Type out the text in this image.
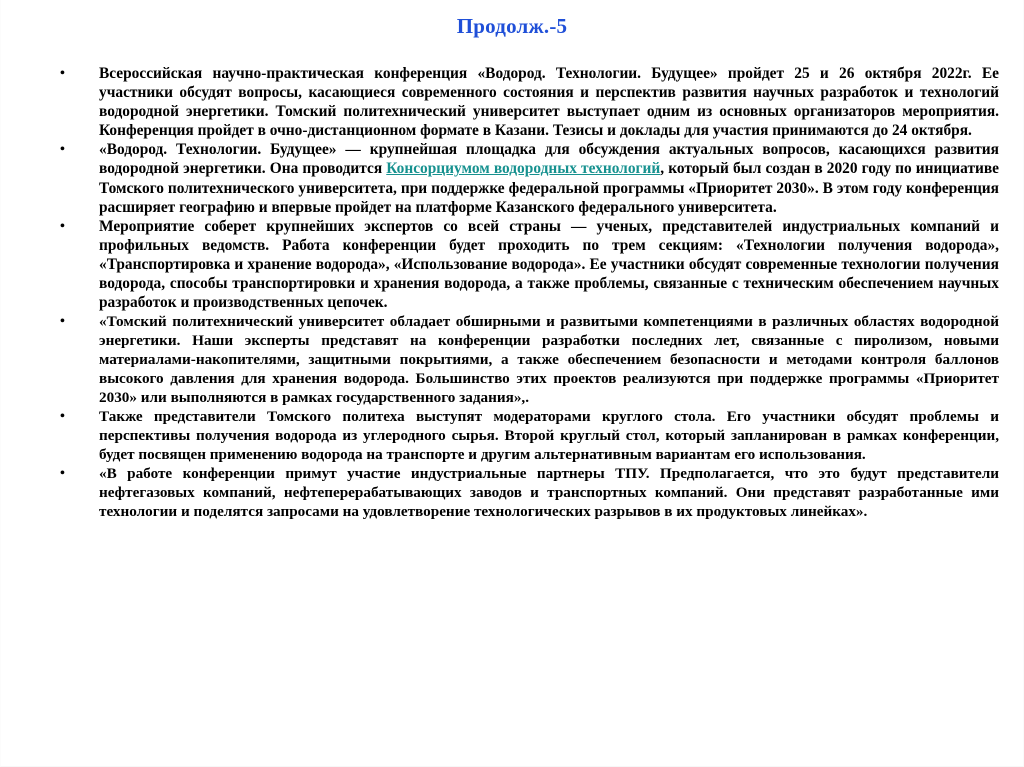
Продолж.-5
• Всероссийская научно-практическая конференция «Водород. Технологии. Будущее» пройдет 25 и 26 октября 2022г. Ее участники обсудят вопросы, касающиеся современного состояния и перспектив развития научных разработок и технологий водородной энергетики. Томский политехнический университет выступает одним из основных организаторов мероприятия. Конференция пройдет в очно-дистанционном формате в Казани. Тезисы и доклады для участия принимаются до 24 октября.
• «Водород. Технологии. Будущее» — крупнейшая площадка для обсуждения актуальных вопросов, касающихся развития водородной энергетики. Она проводится Консорциумом водородных технологий, который был создан в 2020 году по инициативе Томского политехнического университета, при поддержке федеральной программы «Приоритет 2030». В этом году конференция расширяет географию и впервые пройдет на платформе Казанского федерального университета.
• Мероприятие соберет крупнейших экспертов со всей страны — ученых, представителей индустриальных компаний и профильных ведомств. Работа конференции будет проходить по трем секциям: «Технологии получения водорода», «Транспортировка и хранение водорода», «Использование водорода». Ее участники обсудят современные технологии получения водорода, способы транспортировки и хранения водорода, а также проблемы, связанные с техническим обеспечением научных разработок и производственных цепочек.
• «Томский политехнический университет обладает обширными и развитыми компетенциями в различных областях водородной энергетики. Наши эксперты представят на конференции разработки последних лет, связанные с пиролизом, новыми материалами-накопителями, защитными покрытиями, а также обеспечением безопасности и методами контроля баллонов высокого давления для хранения водорода. Большинство этих проектов реализуются при поддержке программы «Приоритет 2030» или выполняются в рамках государственного задания»,.
• Также представители Томского политеха выступят модераторами круглого стола. Его участники обсудят проблемы и перспективы получения водорода из углеродного сырья. Второй круглый стол, который запланирован в рамках конференции, будет посвящен применению водорода на транспорте и другим альтернативным вариантам его использования.
• «В работе конференции примут участие индустриальные партнеры ТПУ. Предполагается, что это будут представители нефтегазовых компаний, нефтеперерабатывающих заводов и транспортных компаний. Они представят разработанные ими технологии и поделятся запросами на удовлетворение технологических разрывов в их продуктовых линейках».
